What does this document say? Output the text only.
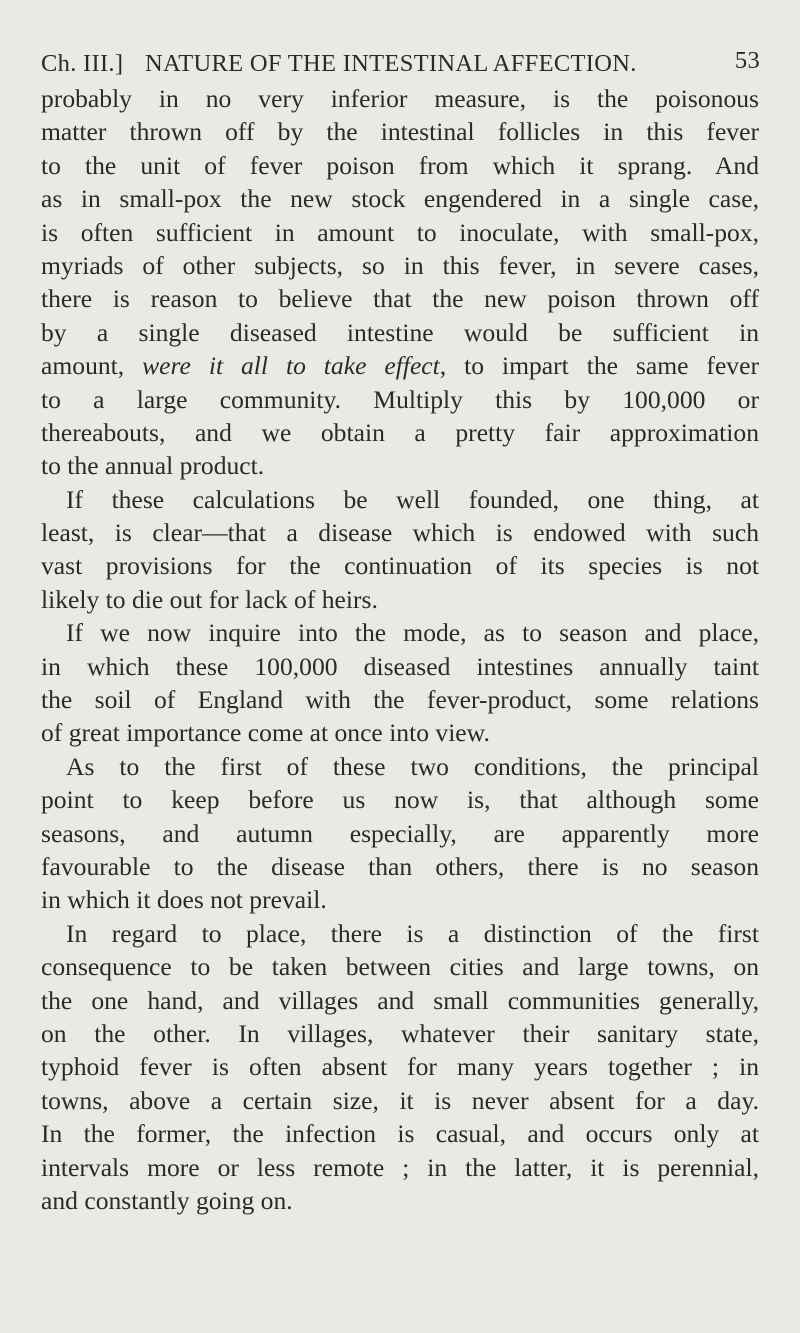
Ch. III.] NATURE OF THE INTESTINAL AFFECTION.	53
probably in no very inferior measure, is the poisonous
matter thrown off by the intestinal follicles in this fever
to the unit of fever poison from which it sprang. And
as in small-pox the new stock engendered in a single case,
is often sufficient in amount to inoculate, with small-pox,
myriads of other subjects, so in this fever, in severe cases,
there is reason to believe that the new poison thrown off
by a single diseased intestine would be sufficient in
amount, were it all to take effect, to impart the same fever
to a large community. Multiply this by 100,000 or
thereabouts, and we obtain a pretty fair approximation
to the annual product.
If these calculations be well founded, one thing, at
least, is clear—that a disease which is endowed with such
vast provisions for the continuation of its species is not
likely to die out for lack of heirs.
If we now inquire into the mode, as to season and place,
in which these 100,000 diseased intestines annually taint
the soil of England with the fever-product, some relations
of great importance come at once into view.
As to the first of these two conditions, the principal
point to keep before us now is, that although some
seasons, and autumn especially, are apparently more
favourable to the disease than others, there is no season
in which it does not prevail.
In regard to place, there is a distinction of the first
consequence to be taken between cities and large towns, on
the one hand, and villages and small communities generally,
on the other. In villages, whatever their sanitary state,
typhoid fever is often absent for many years together ; in
towns, above a certain size, it is never absent for a day.
In the former, the infection is casual, and occurs only at
intervals more or less remote ; in the latter, it is perennial,
and constantly going on.
